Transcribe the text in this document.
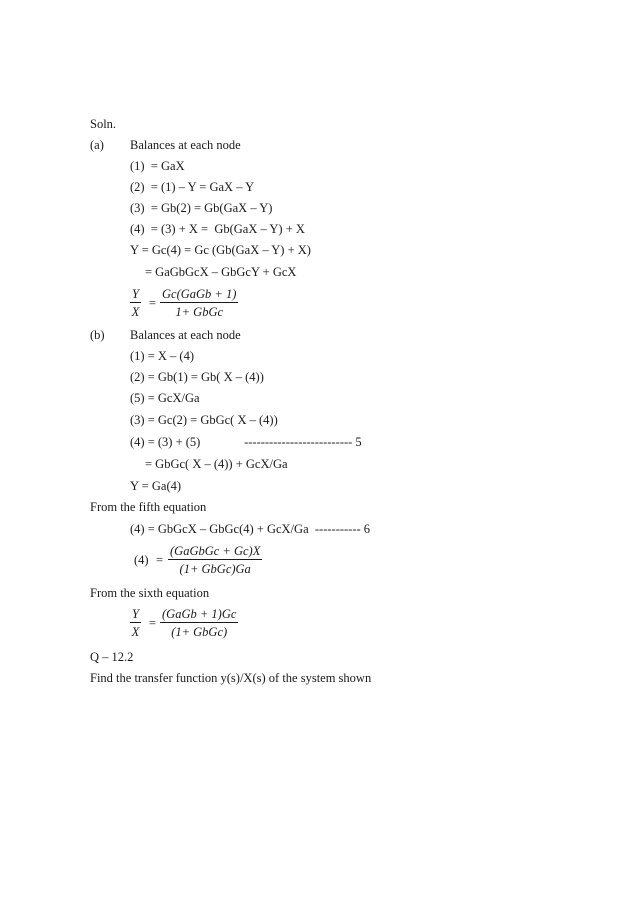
Soln.
(a) Balances at each node
(1)  = GaX
(2)  = (1) – Y = GaX – Y
(3)  = Gb(2) = Gb(GaX – Y)
(4)  = (3) + X =  Gb(GaX – Y) + X
Y = Gc(4) = Gc (Gb(GaX – Y) + X)
= GaGbGcX – GbGcY + GcX
$\frac{Y}{X}$ =
Gc(GaGb + 1)
1+ GbGc
(b) Balances at each node
(1) = X – (4)
(2) = Gb(1) = Gb( X – (4))
(5) = GcX/Ga
(3) = Gc(2) = GbGc( X – (4))
(4) = (3) + (5)              -------------------------- 5
= GbGc( X – (4)) + GcX/Ga
Y = Ga(4)
From the fifth equation
(4) = GbGcX – GbGc(4) + GcX/Ga  ----------- 6
(4) =
(GaGbGc + Gc)X
(1+ GbGc)Ga
From the sixth equation
$\frac{Y}{X}$ =
(GaGb + 1)Gc
(1+ GbGc)
Q – 12.2
Find the transfer function y(s)/X(s) of the system shown
